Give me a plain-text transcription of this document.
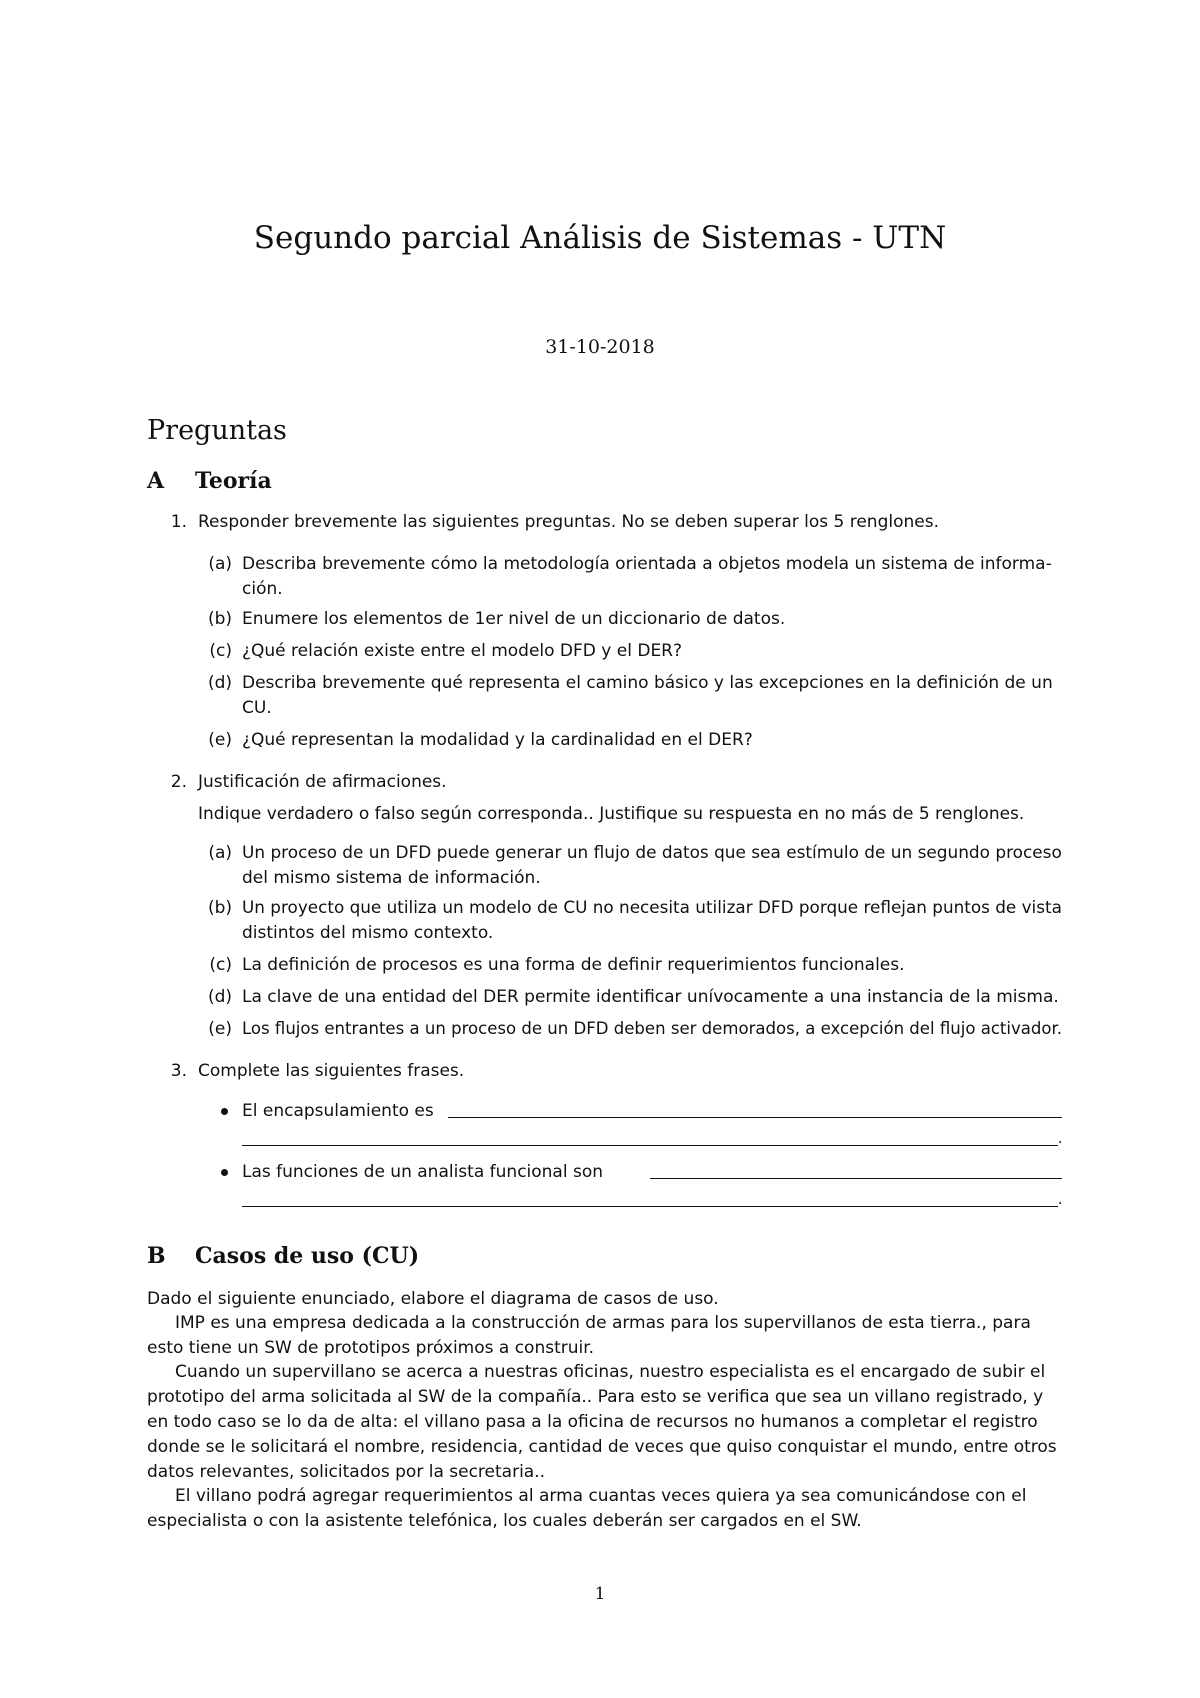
Segundo parcial Análisis de Sistemas - UTN
31-10-2018
Preguntas
A Teoría
1. Responder brevemente las siguientes preguntas. No se deben superar los 5 renglones.
(a) Describa brevemente cómo la metodología orientada a objetos modela un sistema de informa-
ción.
(b) Enumere los elementos de 1er nivel de un diccionario de datos.
(c) ¿Qué relación existe entre el modelo DFD y el DER?
(d) Describa brevemente qué representa el camino básico y las excepciones en la definición de un
CU.
(e) ¿Qué representan la modalidad y la cardinalidad en el DER?
2. Justificación de afirmaciones.
Indique verdadero o falso según corresponda.. Justifique su respuesta en no más de 5 renglones.
(a) Un proceso de un DFD puede generar un flujo de datos que sea estímulo de un segundo proceso
del mismo sistema de información.
(b) Un proyecto que utiliza un modelo de CU no necesita utilizar DFD porque reflejan puntos de vista
distintos del mismo contexto.
(c) La definición de procesos es una forma de definir requerimientos funcionales.
(d) La clave de una entidad del DER permite identificar unívocamente a una instancia de la misma.
(e) Los flujos entrantes a un proceso de un DFD deben ser demorados, a excepción del flujo activador.
3. Complete las siguientes frases.
El encapsulamiento es
.
Las funciones de un analista funcional son
.
B Casos de uso (CU)
Dado el siguiente enunciado, elabore el diagrama de casos de uso.
IMP es una empresa dedicada a la construcción de armas para los supervillanos de esta tierra., para
esto tiene un SW de prototipos próximos a construir.
Cuando un supervillano se acerca a nuestras oficinas, nuestro especialista es el encargado de subir el
prototipo del arma solicitada al SW de la compañía.. Para esto se verifica que sea un villano registrado, y
en todo caso se lo da de alta: el villano pasa a la oficina de recursos no humanos a completar el registro
donde se le solicitará el nombre, residencia, cantidad de veces que quiso conquistar el mundo, entre otros
datos relevantes, solicitados por la secretaria..
El villano podrá agregar requerimientos al arma cuantas veces quiera ya sea comunicándose con el
especialista o con la asistente telefónica, los cuales deberán ser cargados en el SW.
1
